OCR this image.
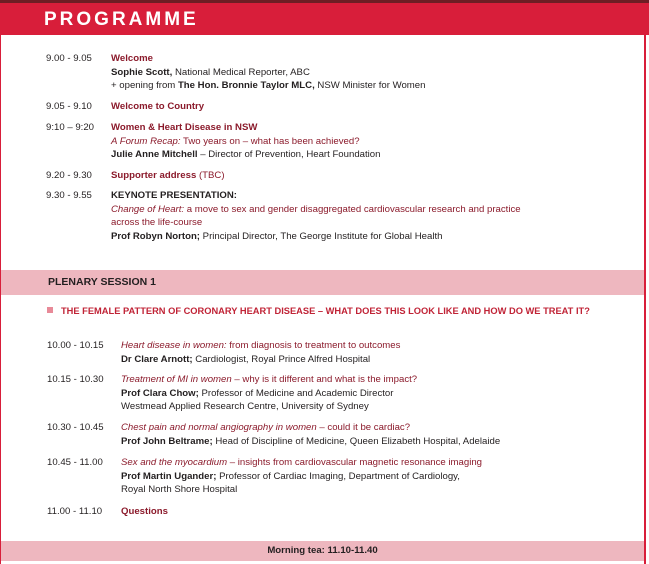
PROGRAMME
9.00 - 9.05	Welcome
Sophie Scott, National Medical Reporter, ABC
+ opening from The Hon. Bronnie Taylor MLC, NSW Minister for Women
9.05 - 9.10	Welcome to Country
9:10 – 9:20	Women & Heart Disease in NSW
A Forum Recap: Two years on – what has been achieved?
Julie Anne Mitchell – Director of Prevention, Heart Foundation
9.20 - 9.30	Supporter address (TBC)
9.30 - 9.55	KEYNOTE PRESENTATION:
Change of Heart: a move to sex and gender disaggregated cardiovascular research and practice
across the life-course
Prof Robyn Norton; Principal Director, The George Institute for Global Health
PLENARY SESSION 1
THE FEMALE PATTERN OF CORONARY HEART DISEASE – WHAT DOES THIS LOOK LIKE AND HOW DO WE TREAT IT?
10.00 - 10.15	Heart disease in women: from diagnosis to treatment to outcomes
Dr Clare Arnott; Cardiologist, Royal Prince Alfred Hospital
10.15 - 10.30	Treatment of MI in women – why is it different and what is the impact?
Prof Clara Chow; Professor of Medicine and Academic Director
Westmead Applied Research Centre, University of Sydney
10.30 - 10.45	Chest pain and normal angiography in women – could it be cardiac?
Prof John Beltrame; Head of Discipline of Medicine, Queen Elizabeth Hospital, Adelaide
10.45 - 11.00	Sex and the myocardium – insights from cardiovascular magnetic resonance imaging
Prof Martin Ugander; Professor of Cardiac Imaging, Department of Cardiology,
Royal North Shore Hospital
11.00 - 11.10	Questions
Morning tea: 11.10-11.40
